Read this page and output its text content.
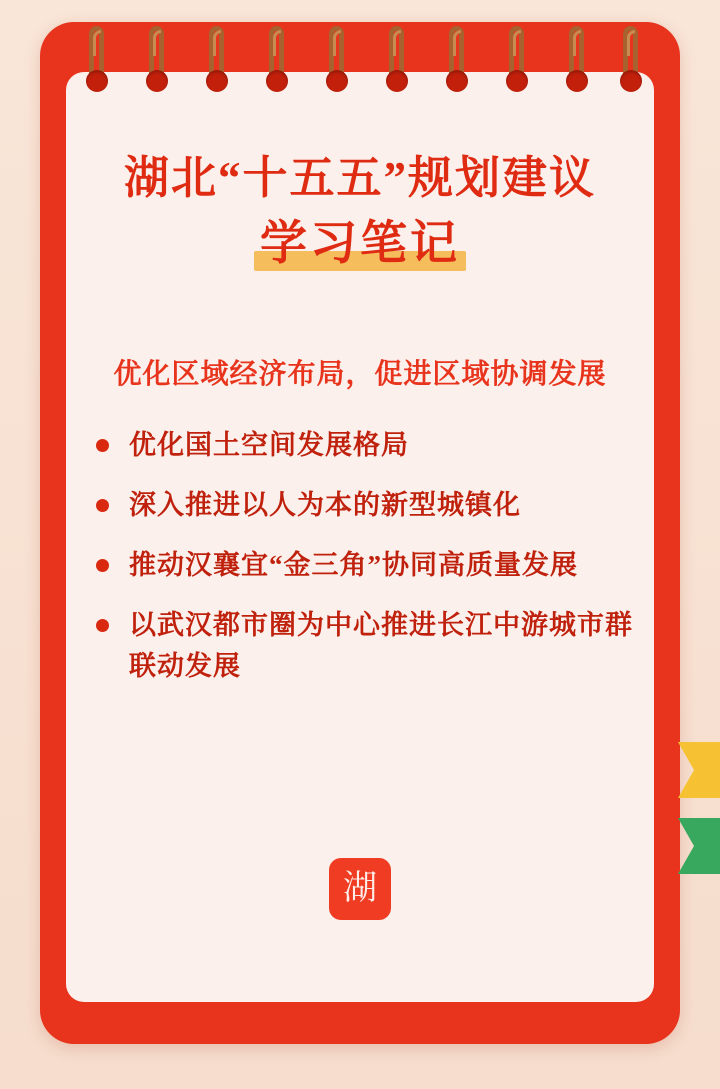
湖北“十五五”规划建议
学习笔记
优化区域经济布局，促进区域协调发展
优化国土空间发展格局
深入推进以人为本的新型城镇化
推动汉襄宜“金三角”协同高质量发展
以武汉都市圈为中心推进长江中游城市群联动发展
湖
